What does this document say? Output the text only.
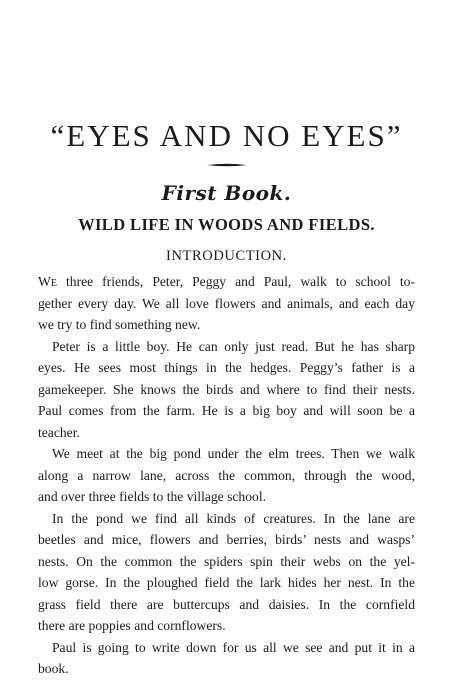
“EYES AND NO EYES”
First Book.
WILD LIFE IN WOODS AND FIELDS.
INTRODUCTION.

We three friends, Peter, Peggy and Paul, walk to school to-
gether every day. We all love flowers and animals, and each day
we try to find something new.

Peter is a little boy. He can only just read. But he has sharp
eyes. He sees most things in the hedges. Peggy’s father is a
gamekeeper. She knows the birds and where to find their nests.
Paul comes from the farm. He is a big boy and will soon be a
teacher.

We meet at the big pond under the elm trees. Then we walk
along a narrow lane, across the common, through the wood,
and over three fields to the village school.

In the pond we find all kinds of creatures. In the lane are
beetles and mice, flowers and berries, birds’ nests and wasps’
nests. On the common the spiders spin their webs on the yel-
low gorse. In the ploughed field the lark hides her nest. In the
grass field there are buttercups and daisies. In the cornfield
there are poppies and cornflowers.

Paul is going to write down for us all we see and put it in a
book.
